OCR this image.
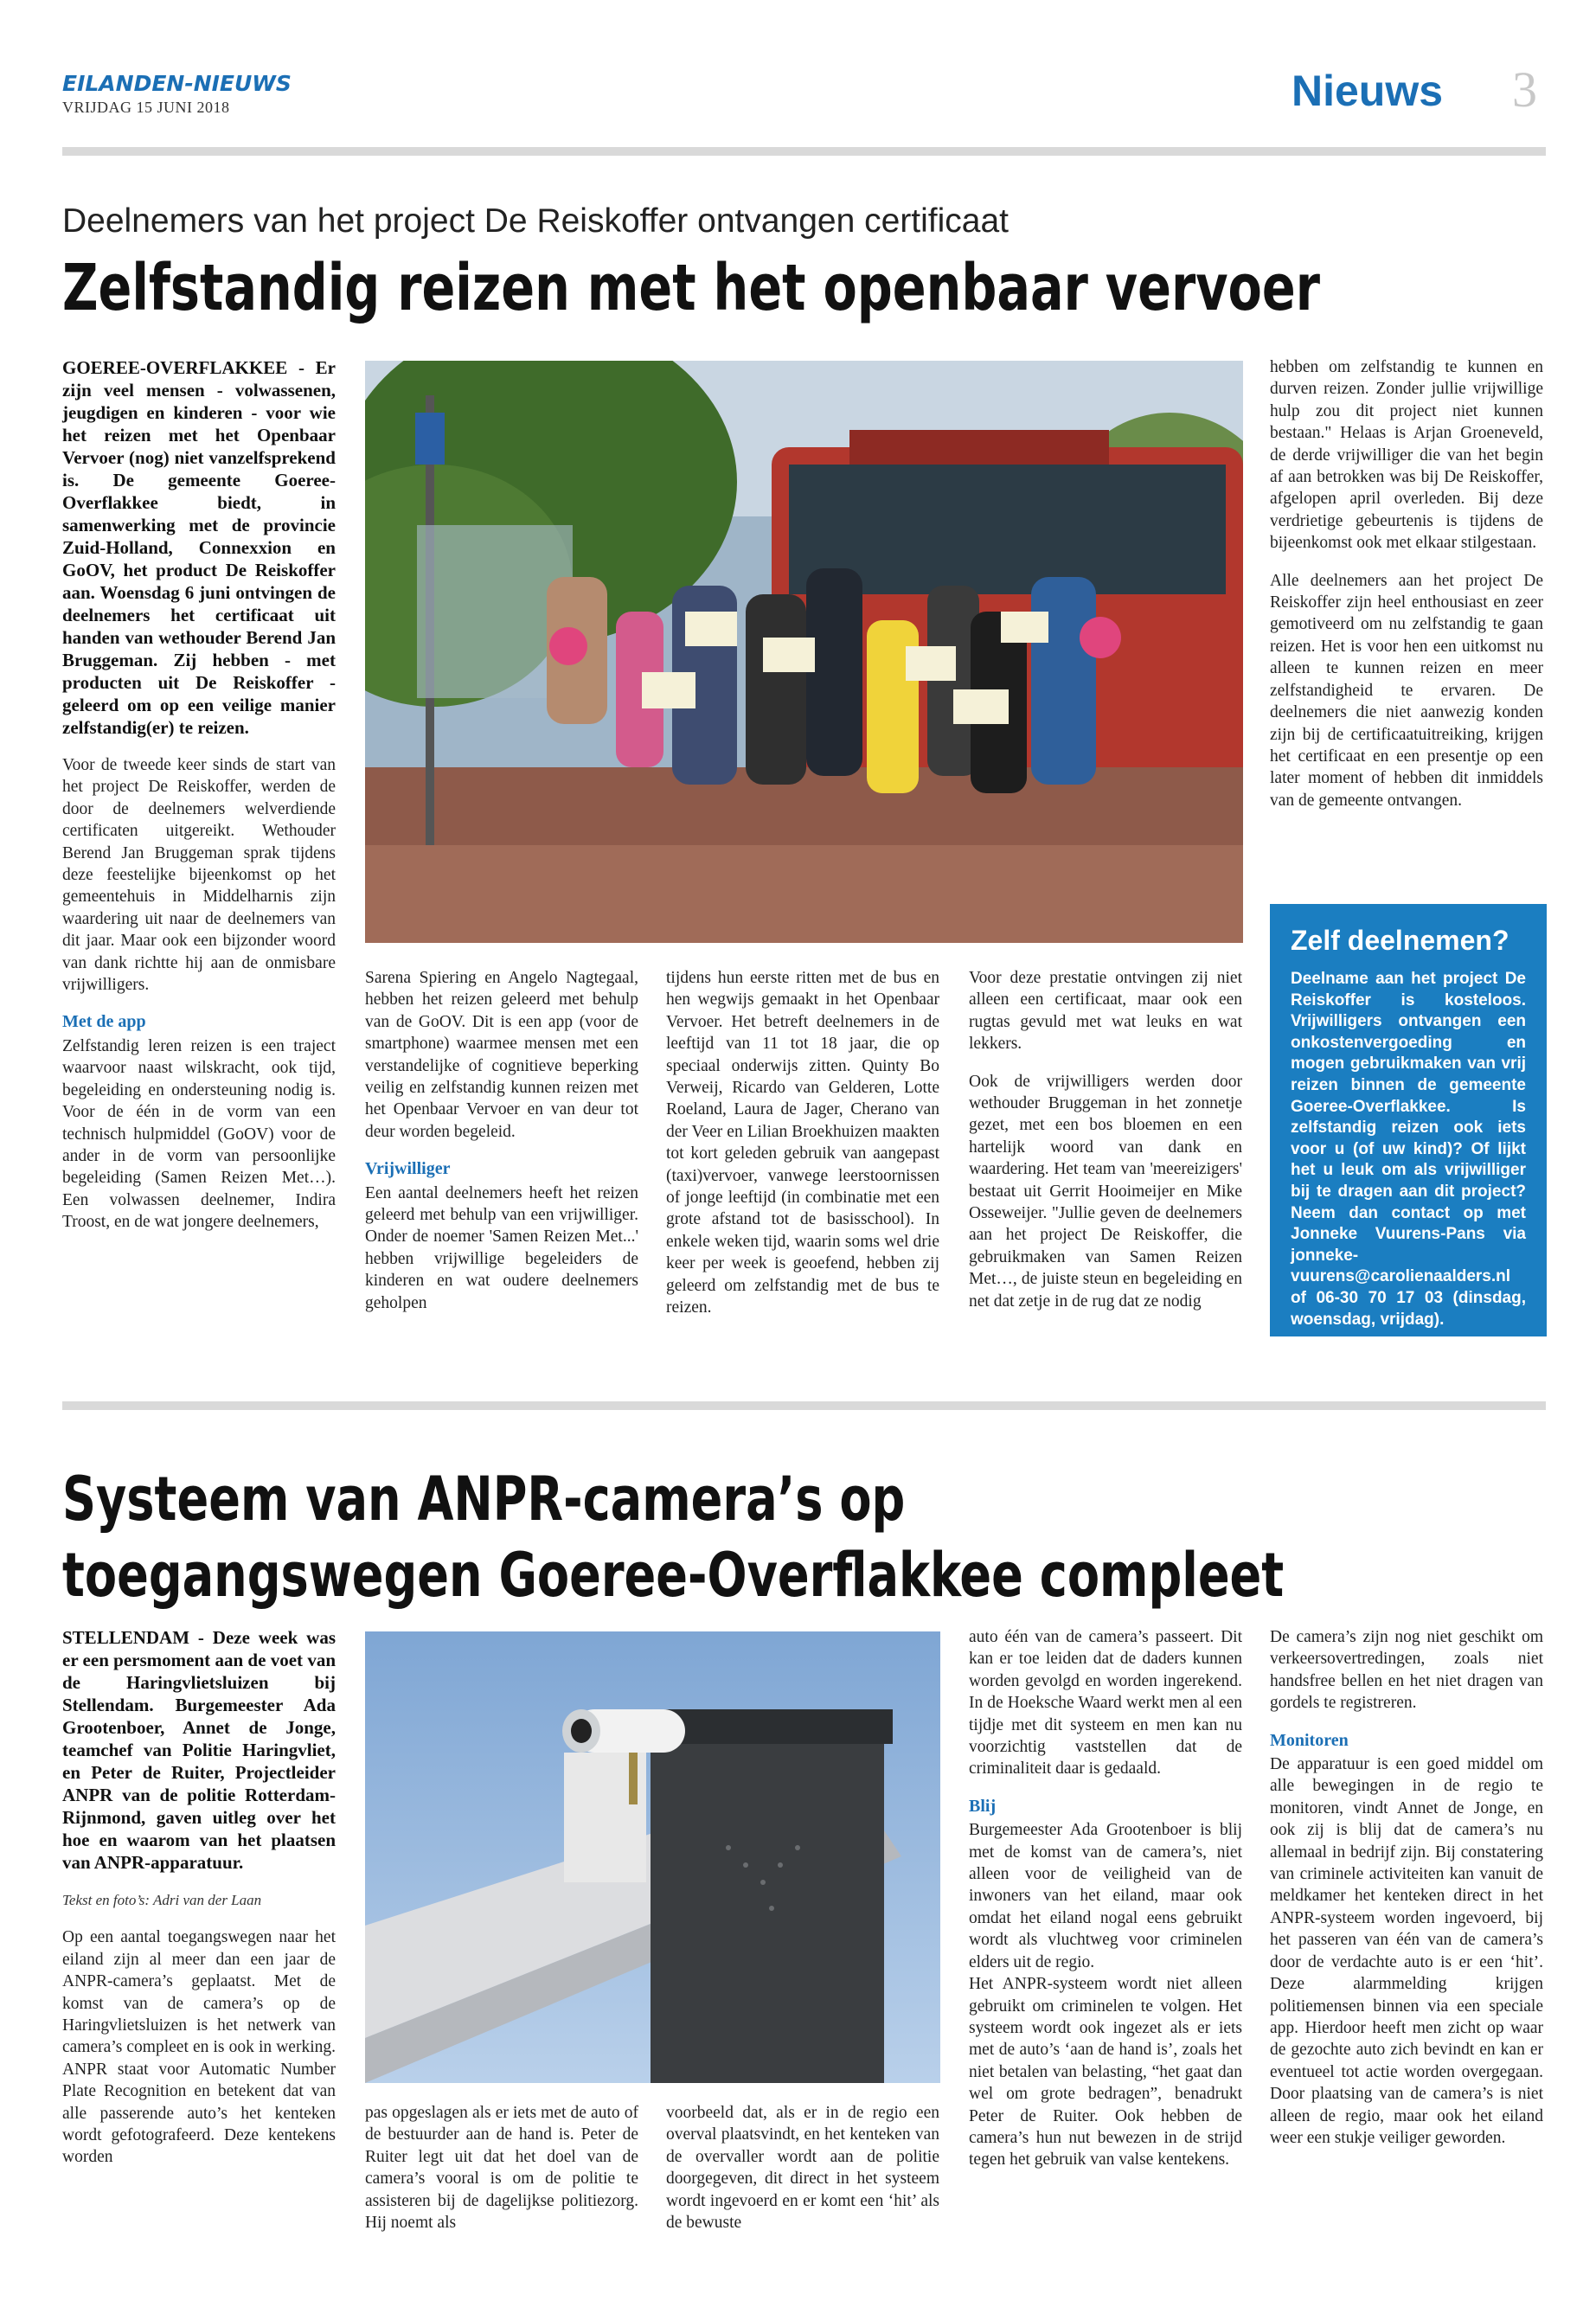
EILANDEN-NIEUWS
VRIJDAG 15 JUNI 2018	Nieuws 3
Deelnemers van het project De Reiskoffer ontvangen certificaat
Zelfstandig reizen met het openbaar vervoer

GOEREE-OVERFLAKKEE - Er zijn veel mensen - volwassenen, jeugdigen en kinderen - voor wie het reizen met het Openbaar Vervoer (nog) niet vanzelfsprekend is. De gemeente Goeree-Overflakkee biedt, in samenwerking met de provincie Zuid-Holland, Connexxion en GoOV, het product De Reiskoffer aan. Woensdag 6 juni ontvingen de deelnemers het certificaat uit handen van wethouder Berend Jan Bruggeman. Zij hebben - met producten uit De Reiskoffer - geleerd om op een veilige manier zelfstandig(er) te reizen.

Voor de tweede keer sinds de start van het project De Reiskoffer, werden de door de deelnemers welverdiende certificaten uitgereikt. Wethouder Berend Jan Bruggeman sprak tijdens deze feestelijke bijeenkomst op het gemeentehuis in Middelharnis zijn waardering uit naar de deelnemers van dit jaar. Maar ook een bijzonder woord van dank richtte hij aan de onmisbare vrijwilligers.

Met de app

Zelfstandig leren reizen is een traject waarvoor naast wilskracht, ook tijd, begeleiding en ondersteuning nodig is. Voor de één in de vorm van een technisch hulpmiddel (GoOV) voor de ander in de vorm van persoonlijke begeleiding (Samen Reizen Met…). Een volwassen deelnemer, Indira Troost, en de wat jongere deelnemers,

Sarena Spiering en Angelo Nagtegaal, hebben het reizen geleerd met behulp van de GoOV. Dit is een app (voor de smartphone) waarmee mensen met een verstandelijke of cognitieve beperking veilig en zelfstandig kunnen reizen met het Openbaar Vervoer en van deur tot deur worden begeleid.

Vrijwilliger

Een aantal deelnemers heeft het reizen geleerd met behulp van een vrijwilliger. Onder de noemer 'Samen Reizen Met...' hebben vrijwillige begeleiders de kinderen en wat oudere deelnemers geholpen

tijdens hun eerste ritten met de bus en hen wegwijs gemaakt in het Openbaar Vervoer. Het betreft deelnemers in de leeftijd van 11 tot 18 jaar, die op speciaal onderwijs zitten. Quinty Bo Verweij, Ricardo van Gelderen, Lotte Roeland, Laura de Jager, Cherano van der Veer en Lilian Broekhuizen maakten tot kort geleden gebruik van aangepast (taxi)vervoer, vanwege leerstoornissen of jonge leeftijd (in combinatie met een grote afstand tot de basisschool). In enkele weken tijd, waarin soms wel drie keer per week is geoefend, hebben zij geleerd om zelfstandig met de bus te reizen.

Voor deze prestatie ontvingen zij niet alleen een certificaat, maar ook een rugtas gevuld met wat leuks en wat lekkers.

Ook de vrijwilligers werden door wethouder Bruggeman in het zonnetje gezet, met een bos bloemen en een hartelijk woord van dank en waardering. Het team van 'meereizigers' bestaat uit Gerrit Hooimeijer en Mike Osseweijer. "Jullie geven de deelnemers aan het project De Reiskoffer, die gebruikmaken van Samen Reizen Met…, de juiste steun en begeleiding en net dat zetje in de rug dat ze nodig

hebben om zelfstandig te kunnen en durven reizen. Zonder jullie vrijwillige hulp zou dit project niet kunnen bestaan." Helaas is Arjan Groeneveld, de derde vrijwilliger die van het begin af aan betrokken was bij De Reiskoffer, afgelopen april overleden. Bij deze verdrietige gebeurtenis is tijdens de bijeenkomst ook met elkaar stilgestaan.

Alle deelnemers aan het project De Reiskoffer zijn heel enthousiast en zeer gemotiveerd om nu zelfstandig te gaan reizen. Het is voor hen een uitkomst nu alleen te kunnen reizen en meer zelfstandigheid te ervaren. De deelnemers die niet aanwezig konden zijn bij de certificaatuitreiking, krijgen het certificaat en een presentje op een later moment of hebben dit inmiddels van de gemeente ontvangen.

Zelf deelnemen?

Deelname aan het project De Reiskoffer is kosteloos. Vrijwilligers ontvangen een onkostenvergoeding en mogen gebruikmaken van vrij reizen binnen de gemeente Goeree-Overflakkee. Is zelfstandig reizen ook iets voor u (of uw kind)? Of lijkt het u leuk om als vrijwilliger bij te dragen aan dit project? Neem dan contact op met Jonneke Vuurens-Pans via jonneke-vuurens@carolienaalders.nl of 06-30 70 17 03 (dinsdag, woensdag, vrijdag).

Systeem van ANPR-camera’s op
toegangswegen Goeree-Overflakkee compleet

STELLENDAM - Deze week was er een persmoment aan de voet van de Haringvlietsluizen bij Stellendam. Burgemeester Ada Grootenboer, Annet de Jonge, teamchef van Politie Haringvliet, en Peter de Ruiter, Projectleider ANPR van de politie Rotterdam-Rijnmond, gaven uitleg over het hoe en waarom van het plaatsen van ANPR-apparatuur.

Tekst en foto’s: Adri van der Laan

Op een aantal toegangswegen naar het eiland zijn al meer dan een jaar de ANPR-camera’s geplaatst. Met de komst van de camera’s op de Haringvlietsluizen is het netwerk van camera’s compleet en is ook in werking. ANPR staat voor Automatic Number Plate Recognition en betekent dat van alle passerende auto’s het kenteken wordt gefotografeerd. Deze kentekens worden

pas opgeslagen als er iets met de auto of de bestuurder aan de hand is. Peter de Ruiter legt uit dat het doel van de camera’s vooral is om de politie te assisteren bij de dagelijkse politiezorg. Hij noemt als

voorbeeld dat, als er in de regio een overval plaatsvindt, en het kenteken van de overvaller wordt aan de politie doorgegeven, dit direct in het systeem wordt ingevoerd en er komt een ‘hit’ als de bewuste

auto één van de camera’s passeert. Dit kan er toe leiden dat de daders kunnen worden gevolgd en worden ingerekend. In de Hoeksche Waard werkt men al een tijdje met dit systeem en men kan nu voorzichtig vaststellen dat de criminaliteit daar is gedaald.

Blij

Burgemeester Ada Grootenboer is blij met de komst van de camera’s, niet alleen voor de veiligheid van de inwoners van het eiland, maar ook omdat het eiland nogal eens gebruikt wordt als vluchtweg voor criminelen elders uit de regio.

Het ANPR-systeem wordt niet alleen gebruikt om criminelen te volgen. Het systeem wordt ook ingezet als er iets met de auto’s ‘aan de hand is’, zoals het niet betalen van belasting, “het gaat dan wel om grote bedragen”, benadrukt Peter de Ruiter. Ook hebben de camera’s hun nut bewezen in de strijd tegen het gebruik van valse kentekens.

De camera’s zijn nog niet geschikt om verkeersovertredingen, zoals niet handsfree bellen en het niet dragen van gordels te registreren.

Monitoren

De apparatuur is een goed middel om alle bewegingen in de regio te monitoren, vindt Annet de Jonge, en ook zij is blij dat de camera’s nu allemaal in bedrijf zijn. Bij constatering van criminele activiteiten kan vanuit de meldkamer het kenteken direct in het ANPR-systeem worden ingevoerd, bij het passeren van één van de camera’s door de verdachte auto is er een ‘hit’. Deze alarmmelding krijgen politiemensen binnen via een speciale app. Hierdoor heeft men zicht op waar de gezochte auto zich bevindt en kan er eventueel tot actie worden overgegaan. Door plaatsing van de camera’s is niet alleen de regio, maar ook het eiland weer een stukje veiliger geworden.
